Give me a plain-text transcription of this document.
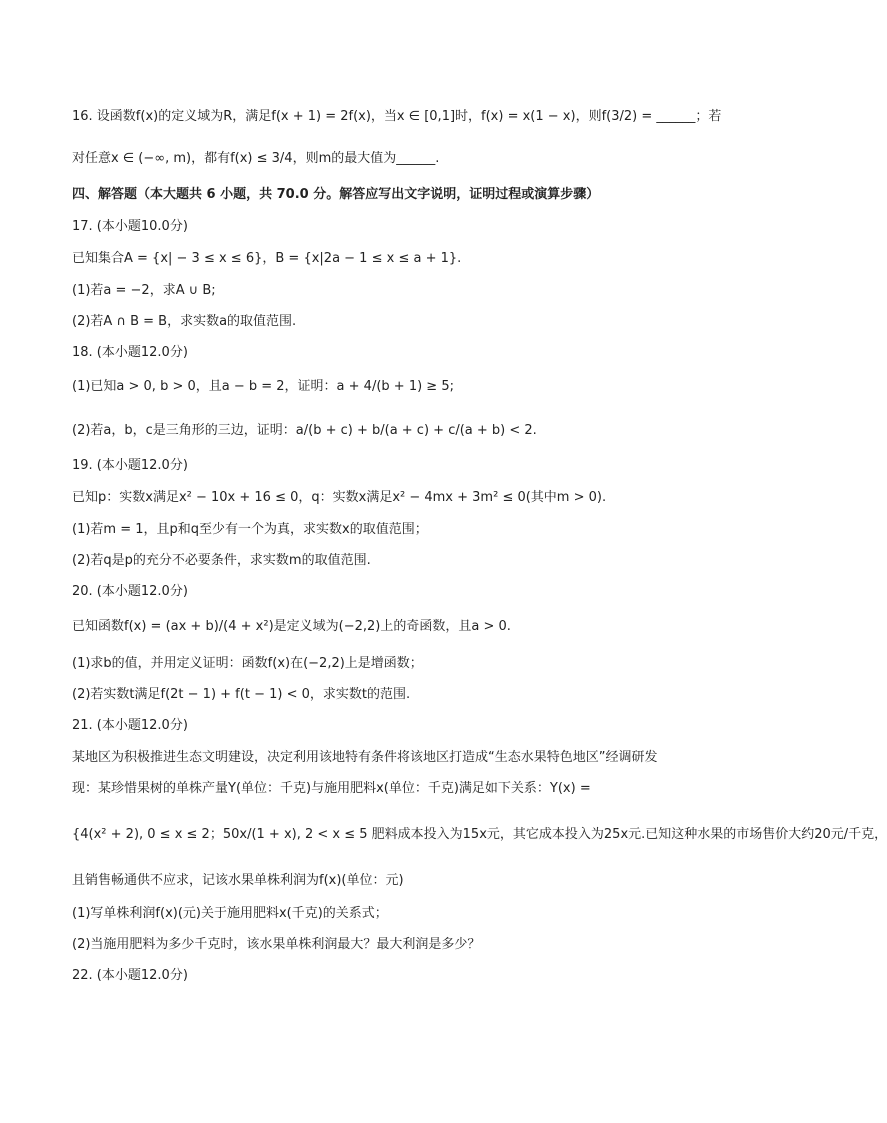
16. 设函数f(x)的定义域为R，满足f(x + 1) = 2f(x)，当x ∈ [0,1]时，f(x) = x(1 − x)，则f(3/2) = ______；若
对任意x ∈ (−∞, m)，都有f(x) ≤ 3/4，则m的最大值为______.
四、解答题（本大题共 6 小题，共 70.0 分。解答应写出文字说明，证明过程或演算步骤）
17. (本小题10.0分)
已知集合A = {x| − 3 ≤ x ≤ 6}，B = {x|2a − 1 ≤ x ≤ a + 1}.
(1)若a = −2，求A ∪ B;
(2)若A ∩ B = B，求实数a的取值范围.
18. (本小题12.0分)
(1)已知a > 0, b > 0，且a − b = 2，证明：a + 4/(b + 1) ≥ 5;
(2)若a，b，c是三角形的三边，证明：a/(b + c) + b/(a + c) + c/(a + b) < 2.
19. (本小题12.0分)
已知p：实数x满足x² − 10x + 16 ≤ 0，q：实数x满足x² − 4mx + 3m² ≤ 0(其中m > 0).
(1)若m = 1，且p和q至少有一个为真，求实数x的取值范围；
(2)若q是p的充分不必要条件，求实数m的取值范围.
20. (本小题12.0分)
已知函数f(x) = (ax + b)/(4 + x²)是定义域为(−2,2)上的奇函数，且a > 0.
(1)求b的值，并用定义证明：函数f(x)在(−2,2)上是增函数；
(2)若实数t满足f(2t − 1) + f(t − 1) < 0，求实数t的范围.
21. (本小题12.0分)
某地区为积极推进生态文明建设，决定利用该地特有条件将该地区打造成“生态水果特色地区”经调研发
现：某珍惜果树的单株产量Y(单位：千克)与施用肥料x(单位：千克)满足如下关系：Y(x) =
{4(x² + 2), 0 ≤ x ≤ 2；50x/(1 + x), 2 < x ≤ 5 肥料成本投入为15x元，其它成本投入为25x元.已知这种水果的市场售价大约20元/千克，
且销售畅通供不应求，记该水果单株利润为f(x)(单位：元)
(1)写单株利润f(x)(元)关于施用肥料x(千克)的关系式；
(2)当施用肥料为多少千克时，该水果单株利润最大？最大利润是多少？
22. (本小题12.0分)
